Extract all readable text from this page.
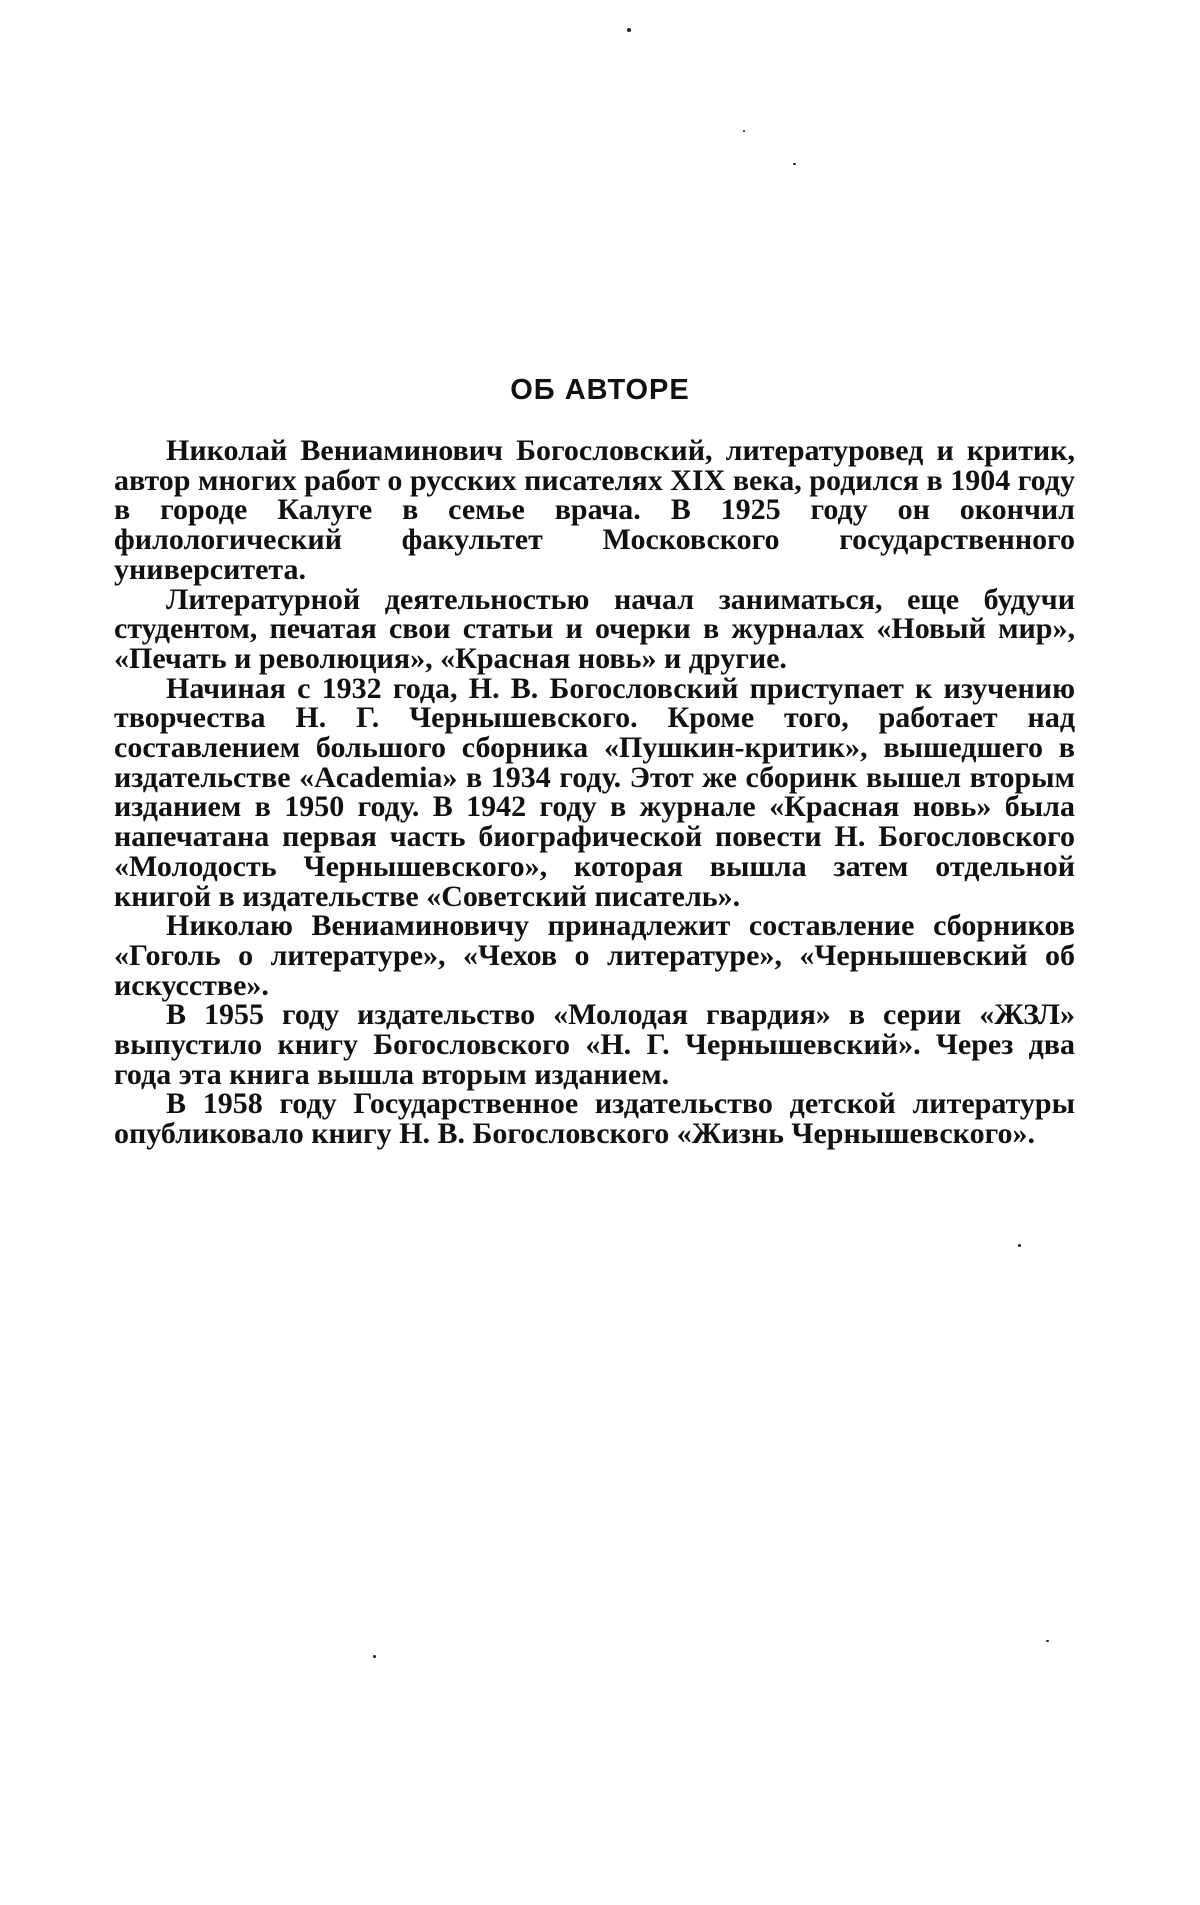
ОБ АВТОРЕ

Николай Вениаминович Богословский, литературовед и критик, автор многих работ о русских писателях XIX века, родился в 1904 году в городе Калуге в семье врача. В 1925 году он окончил филологический факультет Московского государственного университета.

Литературной деятельностью начал заниматься, еще будучи студентом, печатая свои статьи и очерки в журналах «Новый мир», «Печать и революция», «Красная новь» и другие.

Начиная с 1932 года, Н. В. Богословский приступает к изучению творчества Н. Г. Чернышевского. Кроме того, работает над составлением большого сборника «Пушкин-критик», вышедшего в издательстве «Academia» в 1934 году. Этот же сборинк вышел вторым изданием в 1950 году. В 1942 году в журнале «Красная новь» была напечатана первая часть биографической повести Н. Богословского «Молодость Чернышевского», которая вышла затем отдельной книгой в издательстве «Советский писатель».

Николаю Вениаминовичу принадлежит составление сборников «Гоголь о литературе», «Чехов о литературе», «Чернышевский об искусстве».

В 1955 году издательство «Молодая гвардия» в серии «ЖЗЛ» выпустило книгу Богословского «Н. Г. Чернышевский». Через два года эта книга вышла вторым изданием.

В 1958 году Государственное издательство детской литературы опубликовало книгу Н. В. Богословского «Жизнь Чернышевского».
